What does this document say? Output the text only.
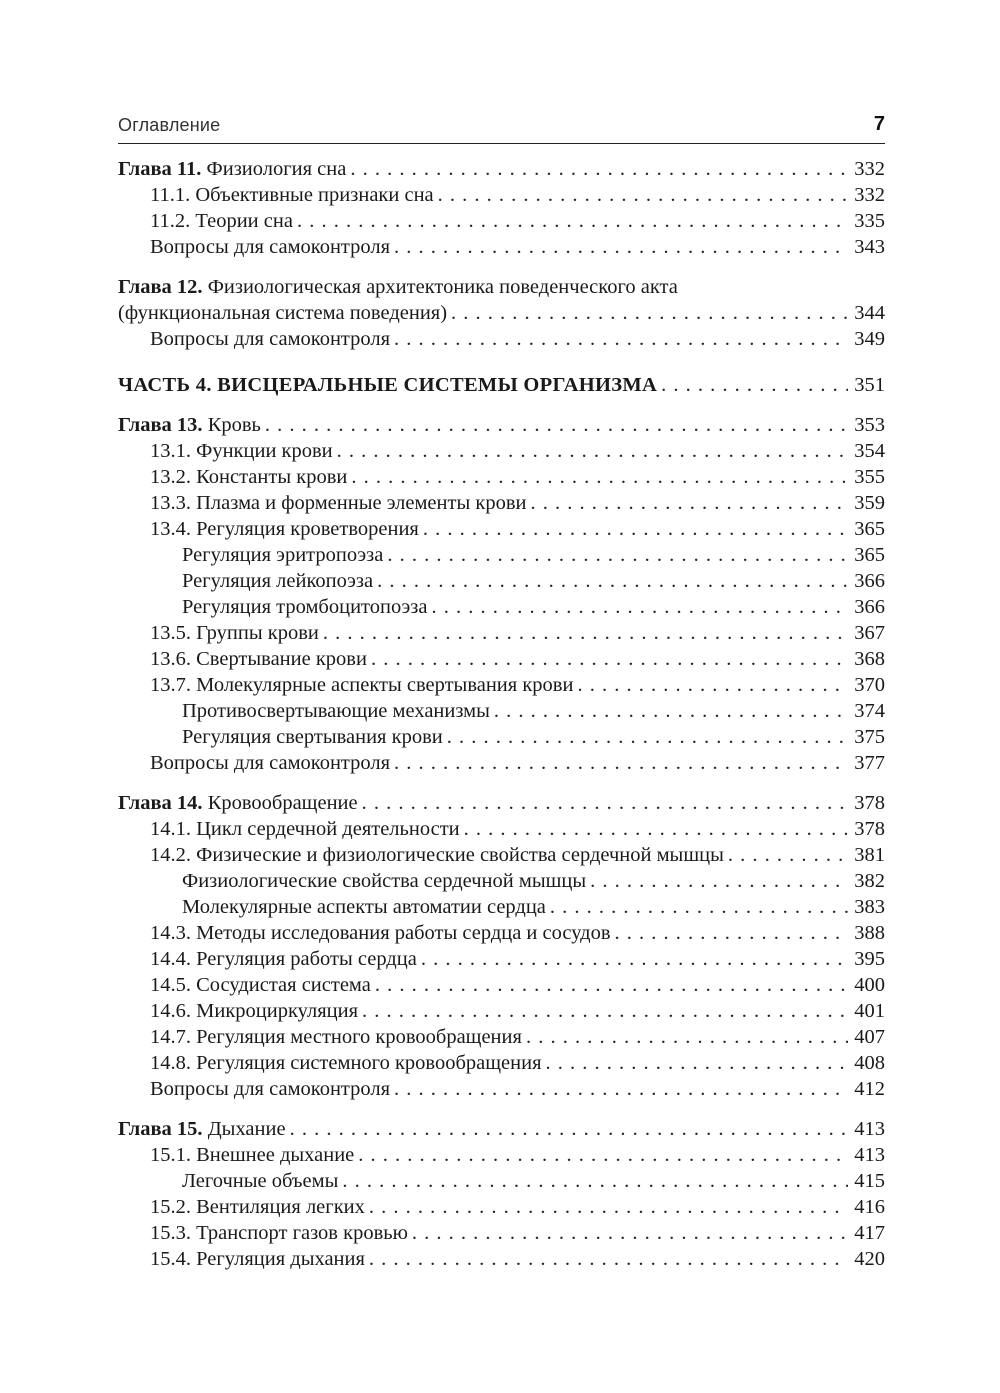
Оглавление	7
Глава 11. Физиология сна . . .	332
11.1. Объективные признаки сна . . .	332
11.2. Теории сна . . .	335
Вопросы для самоконтроля . . .	343
Глава 12. Физиологическая архитектоника поведенческого акта
(функциональная система поведения) . . .	344
Вопросы для самоконтроля . . .	349
ЧАСТЬ 4. ВИСЦЕРАЛЬНЫЕ СИСТЕМЫ ОРГАНИЗМА . . .	351
Глава 13. Кровь . . .	353
13.1. Функции крови . . .	354
13.2. Константы крови . . .	355
13.3. Плазма и форменные элементы крови . . .	359
13.4. Регуляция кроветворения . . .	365
Регуляция эритропоэза . . .	365
Регуляция лейкопоэза . . .	366
Регуляция тромбоцитопоэза . . .	366
13.5. Группы крови . . .	367
13.6. Свертывание крови . . .	368
13.7. Молекулярные аспекты свертывания крови . . .	370
Противосвертывающие механизмы . . .	374
Регуляция свертывания крови . . .	375
Вопросы для самоконтроля . . .	377
Глава 14. Кровообращение . . .	378
14.1. Цикл сердечной деятельности . . .	378
14.2. Физические и физиологические свойства сердечной мышцы . . .	381
Физиологические свойства сердечной мышцы . . .	382
Молекулярные аспекты автоматии сердца . . .	383
14.3. Методы исследования работы сердца и сосудов . . .	388
14.4. Регуляция работы сердца . . .	395
14.5. Сосудистая система . . .	400
14.6. Микроциркуляция . . .	401
14.7. Регуляция местного кровообращения . . .	407
14.8. Регуляция системного кровообращения . . .	408
Вопросы для самоконтроля . . .	412
Глава 15. Дыхание . . .	413
15.1. Внешнее дыхание . . .	413
Легочные объемы . . .	415
15.2. Вентиляция легких . . .	416
15.3. Транспорт газов кровью . . .	417
15.4. Регуляция дыхания . . .	420
